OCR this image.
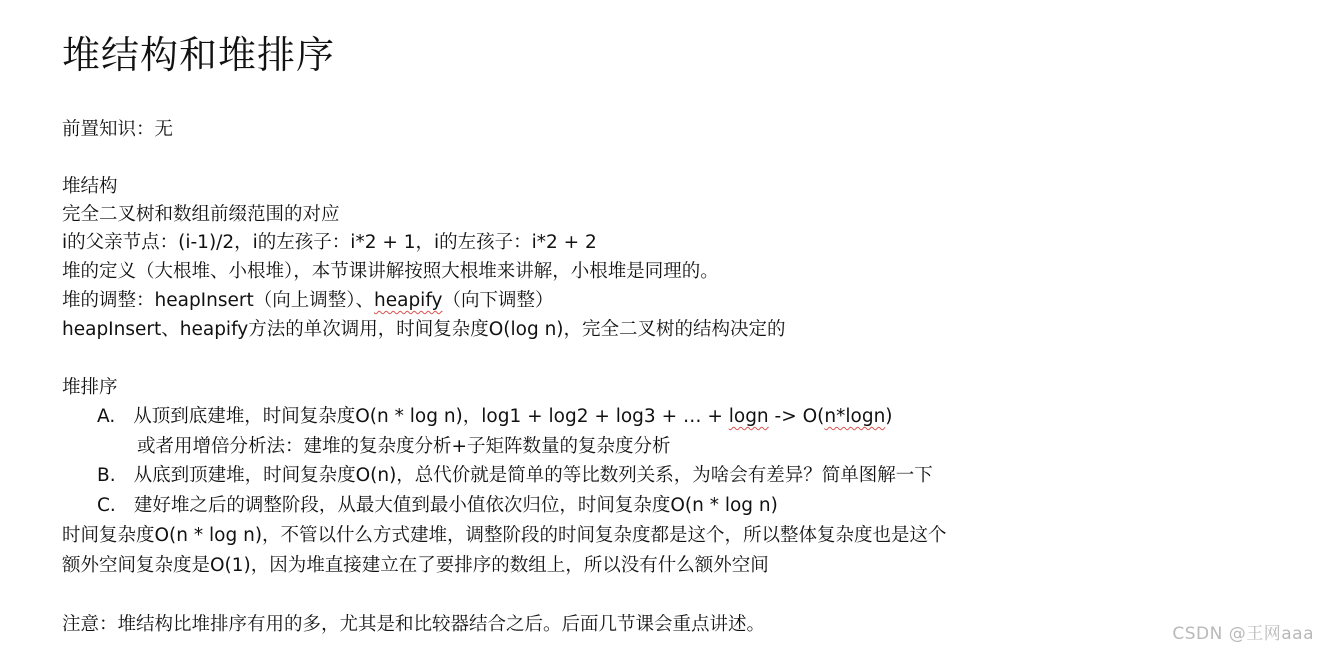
堆结构和堆排序
前置知识：无
堆结构
完全二叉树和数组前缀范围的对应
i的父亲节点：(i-1)/2，i的左孩子：i*2 + 1，i的左孩子：i*2 + 2
堆的定义（大根堆、小根堆），本节课讲解按照大根堆来讲解，小根堆是同理的。
堆的调整：heapInsert（向上调整）、heapify（向下调整）
heapInsert、heapify方法的单次调用，时间复杂度O(log n)，完全二叉树的结构决定的
堆排序
A. 从顶到底建堆，时间复杂度O(n * log n)，log1 + log2 + log3 + … + logn -> O(n*logn)
或者用增倍分析法：建堆的复杂度分析+子矩阵数量的复杂度分析
B. 从底到顶建堆，时间复杂度O(n)，总代价就是简单的等比数列关系，为啥会有差异？简单图解一下
C. 建好堆之后的调整阶段，从最大值到最小值依次归位，时间复杂度O(n * log n)
时间复杂度O(n * log n)，不管以什么方式建堆，调整阶段的时间复杂度都是这个，所以整体复杂度也是这个
额外空间复杂度是O(1)，因为堆直接建立在了要排序的数组上，所以没有什么额外空间
注意：堆结构比堆排序有用的多，尤其是和比较器结合之后。后面几节课会重点讲述。	CSDN @王网aaa
